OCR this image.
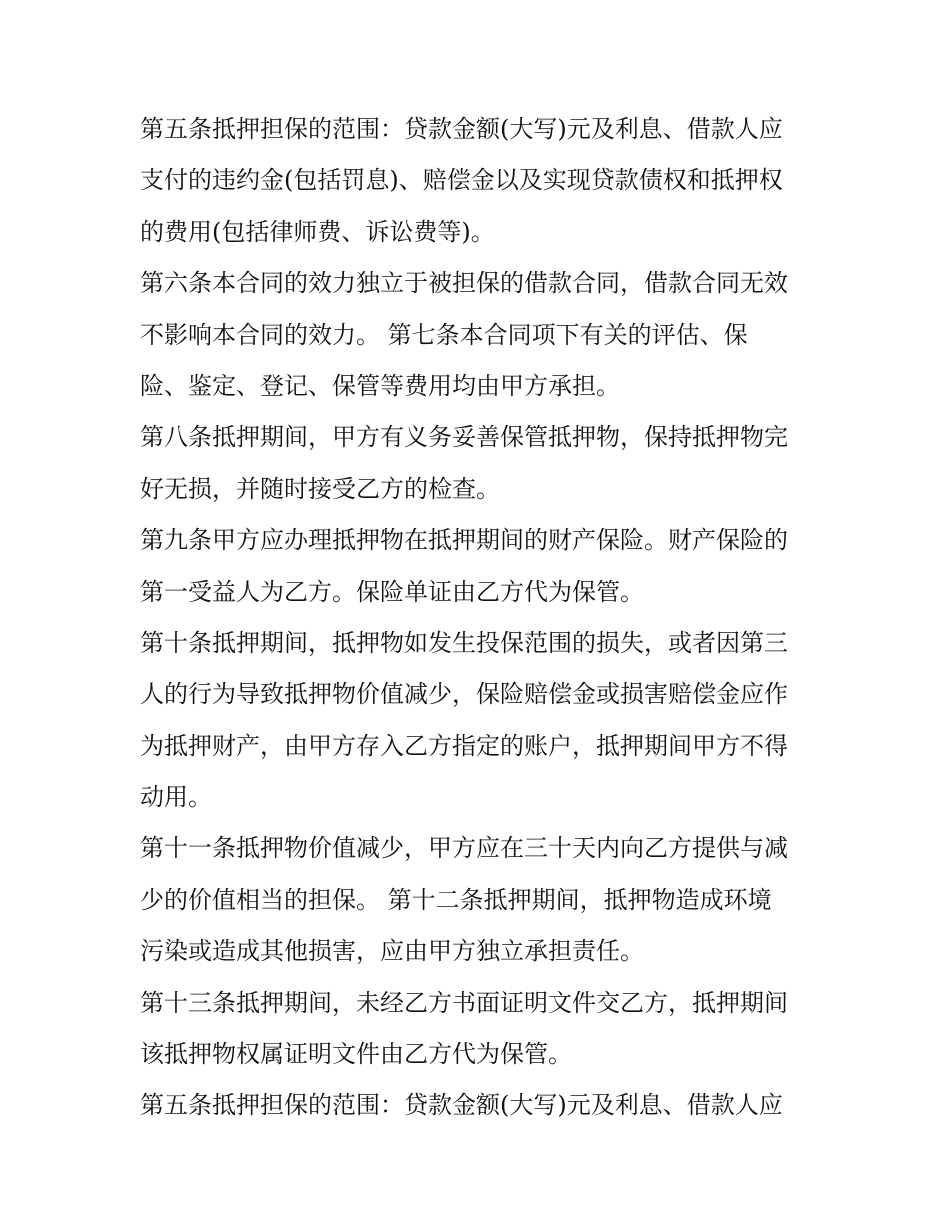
第五条抵押担保的范围：贷款金额(大写)元及利息、借款人应
支付的违约金(包括罚息)、赔偿金以及实现贷款债权和抵押权
的费用(包括律师费、诉讼费等)。
第六条本合同的效力独立于被担保的借款合同，借款合同无效
不影响本合同的效力。 第七条本合同项下有关的评估、保
险、鉴定、登记、保管等费用均由甲方承担。
第八条抵押期间，甲方有义务妥善保管抵押物，保持抵押物完
好无损，并随时接受乙方的检查。
第九条甲方应办理抵押物在抵押期间的财产保险。财产保险的
第一受益人为乙方。保险单证由乙方代为保管。
第十条抵押期间，抵押物如发生投保范围的损失，或者因第三
人的行为导致抵押物价值减少，保险赔偿金或损害赔偿金应作
为抵押财产，由甲方存入乙方指定的账户，抵押期间甲方不得
动用。
第十一条抵押物价值减少，甲方应在三十天内向乙方提供与减
少的价值相当的担保。 第十二条抵押期间，抵押物造成环境
污染或造成其他损害，应由甲方独立承担责任。
第十三条抵押期间，未经乙方书面证明文件交乙方，抵押期间
该抵押物权属证明文件由乙方代为保管。
第五条抵押担保的范围：贷款金额(大写)元及利息、借款人应
